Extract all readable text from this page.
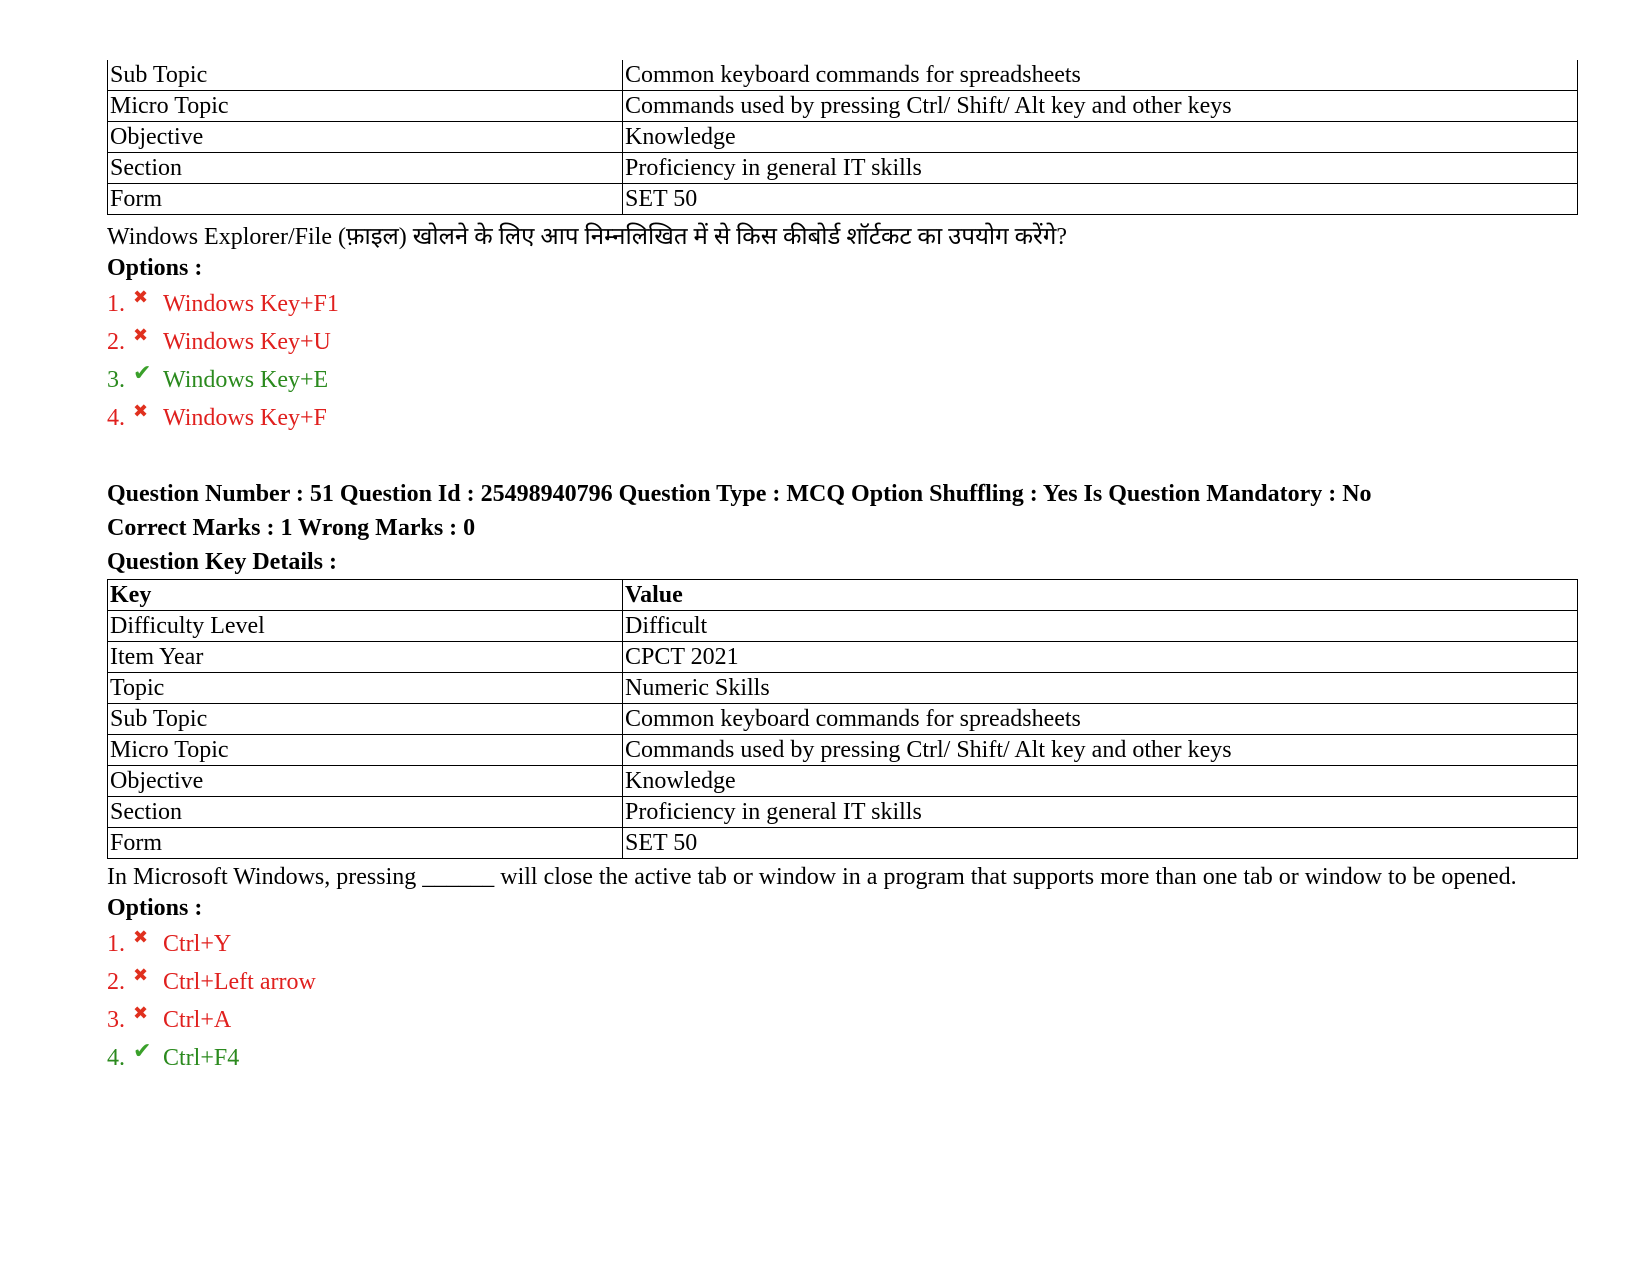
Sub Topic	Common keyboard commands for spreadsheets
Micro Topic	Commands used by pressing Ctrl/ Shift/ Alt key and other keys
Objective	Knowledge
Section	Proficiency in general IT skills
Form	SET 50
Windows Explorer/File (फ़ाइल) खोलने के लिए आप निम्नलिखित में से किस कीबोर्ड शॉर्टकट का उपयोग करेंगे?
Options :
1. ✖ Windows Key+F1
2. ✖ Windows Key+U
3. ✔ Windows Key+E
4. ✖ Windows Key+F
Question Number : 51 Question Id : 25498940796 Question Type : MCQ Option Shuffling : Yes Is Question Mandatory : No
Correct Marks : 1 Wrong Marks : 0
Question Key Details :
Key	Value
Difficulty Level	Difficult
Item Year	CPCT 2021
Topic	Numeric Skills
Sub Topic	Common keyboard commands for spreadsheets
Micro Topic	Commands used by pressing Ctrl/ Shift/ Alt key and other keys
Objective	Knowledge
Section	Proficiency in general IT skills
Form	SET 50
In Microsoft Windows, pressing ______ will close the active tab or window in a program that supports more than one tab or window to be opened.
Options :
1. ✖ Ctrl+Y
2. ✖ Ctrl+Left arrow
3. ✖ Ctrl+A
4. ✔ Ctrl+F4
